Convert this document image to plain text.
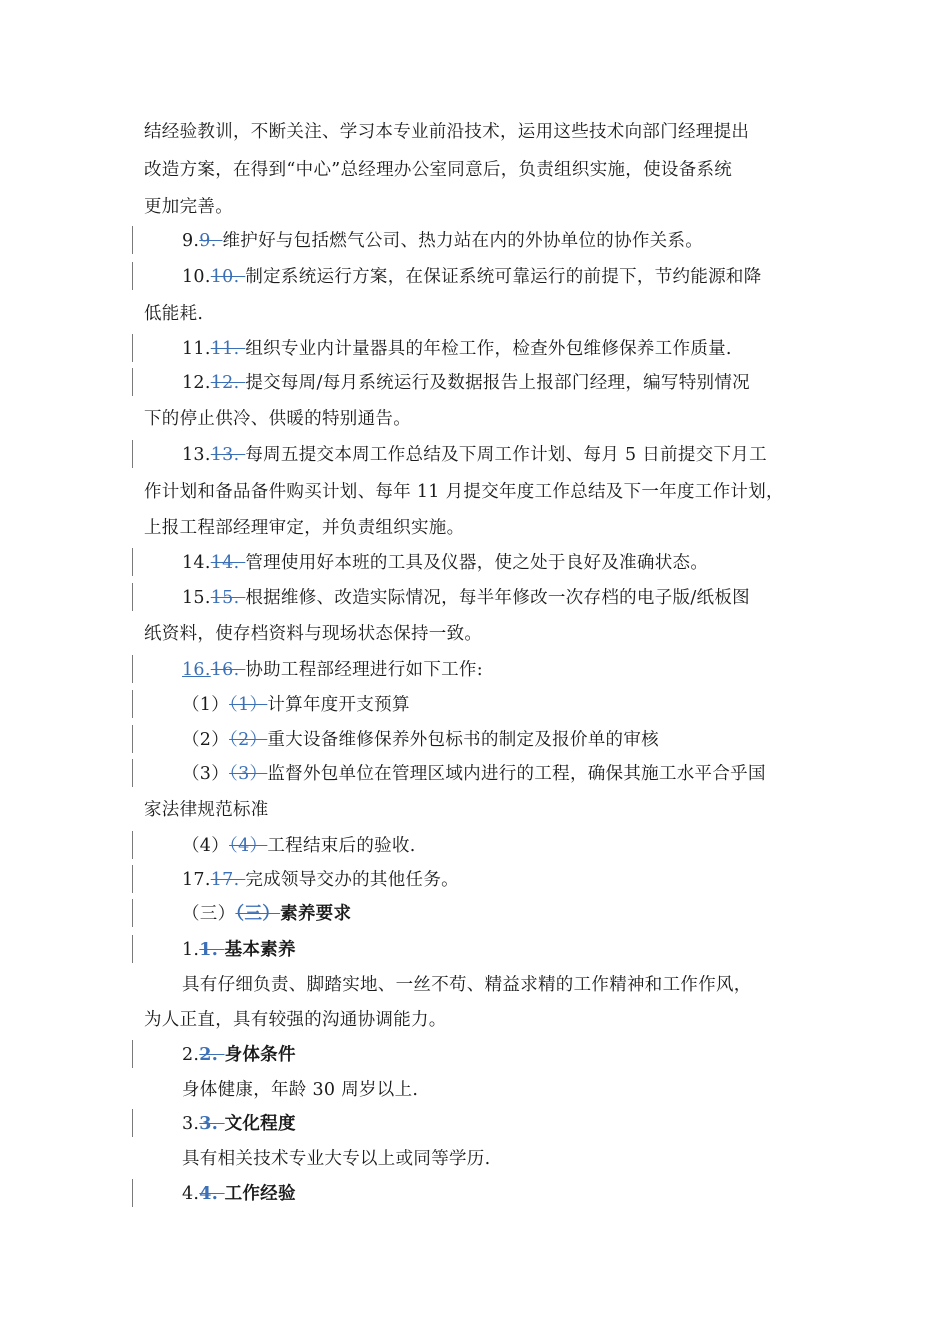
结经验教训，不断关注、学习本专业前沿技术，运用这些技术向部门经理提出
改造方案，在得到“中心”总经理办公室同意后，负责组织实施，使设备系统
更加完善。
9.9. 维护好与包括燃气公司、热力站在内的外协单位的协作关系。
10.10. 制定系统运行方案，在保证系统可靠运行的前提下，节约能源和降
低能耗.
11.11. 组织专业内计量器具的年检工作，检查外包维修保养工作质量.
12.12. 提交每周/每月系统运行及数据报告上报部门经理，编写特别情况
下的停止供冷、供暖的特别通告。
13.13. 每周五提交本周工作总结及下周工作计划、每月 5 日前提交下月工
作计划和备品备件购买计划、每年 11 月提交年度工作总结及下一年度工作计划，
上报工程部经理审定，并负责组织实施。
14.14. 管理使用好本班的工具及仪器，使之处于良好及准确状态。
15.15. 根据维修、改造实际情况，每半年修改一次存档的电子版/纸板图
纸资料，使存档资料与现场状态保持一致。
16.16. 协助工程部经理进行如下工作:
（1）（1）计算年度开支预算
（2）（2）重大设备维修保养外包标书的制定及报价单的审核
（3）（3）监督外包单位在管理区域内进行的工程，确保其施工水平合乎国
家法律规范标准
（4）（4）工程结束后的验收.
17.17. 完成领导交办的其他任务。
（三）（三）素养要求
1.1. 基本素养
具有仔细负责、脚踏实地、一丝不苟、精益求精的工作精神和工作作风，
为人正直，具有较强的沟通协调能力。
2.2. 身体条件
身体健康，年龄 30 周岁以上.
3.3. 文化程度
具有相关技术专业大专以上或同等学历.
4.4. 工作经验
